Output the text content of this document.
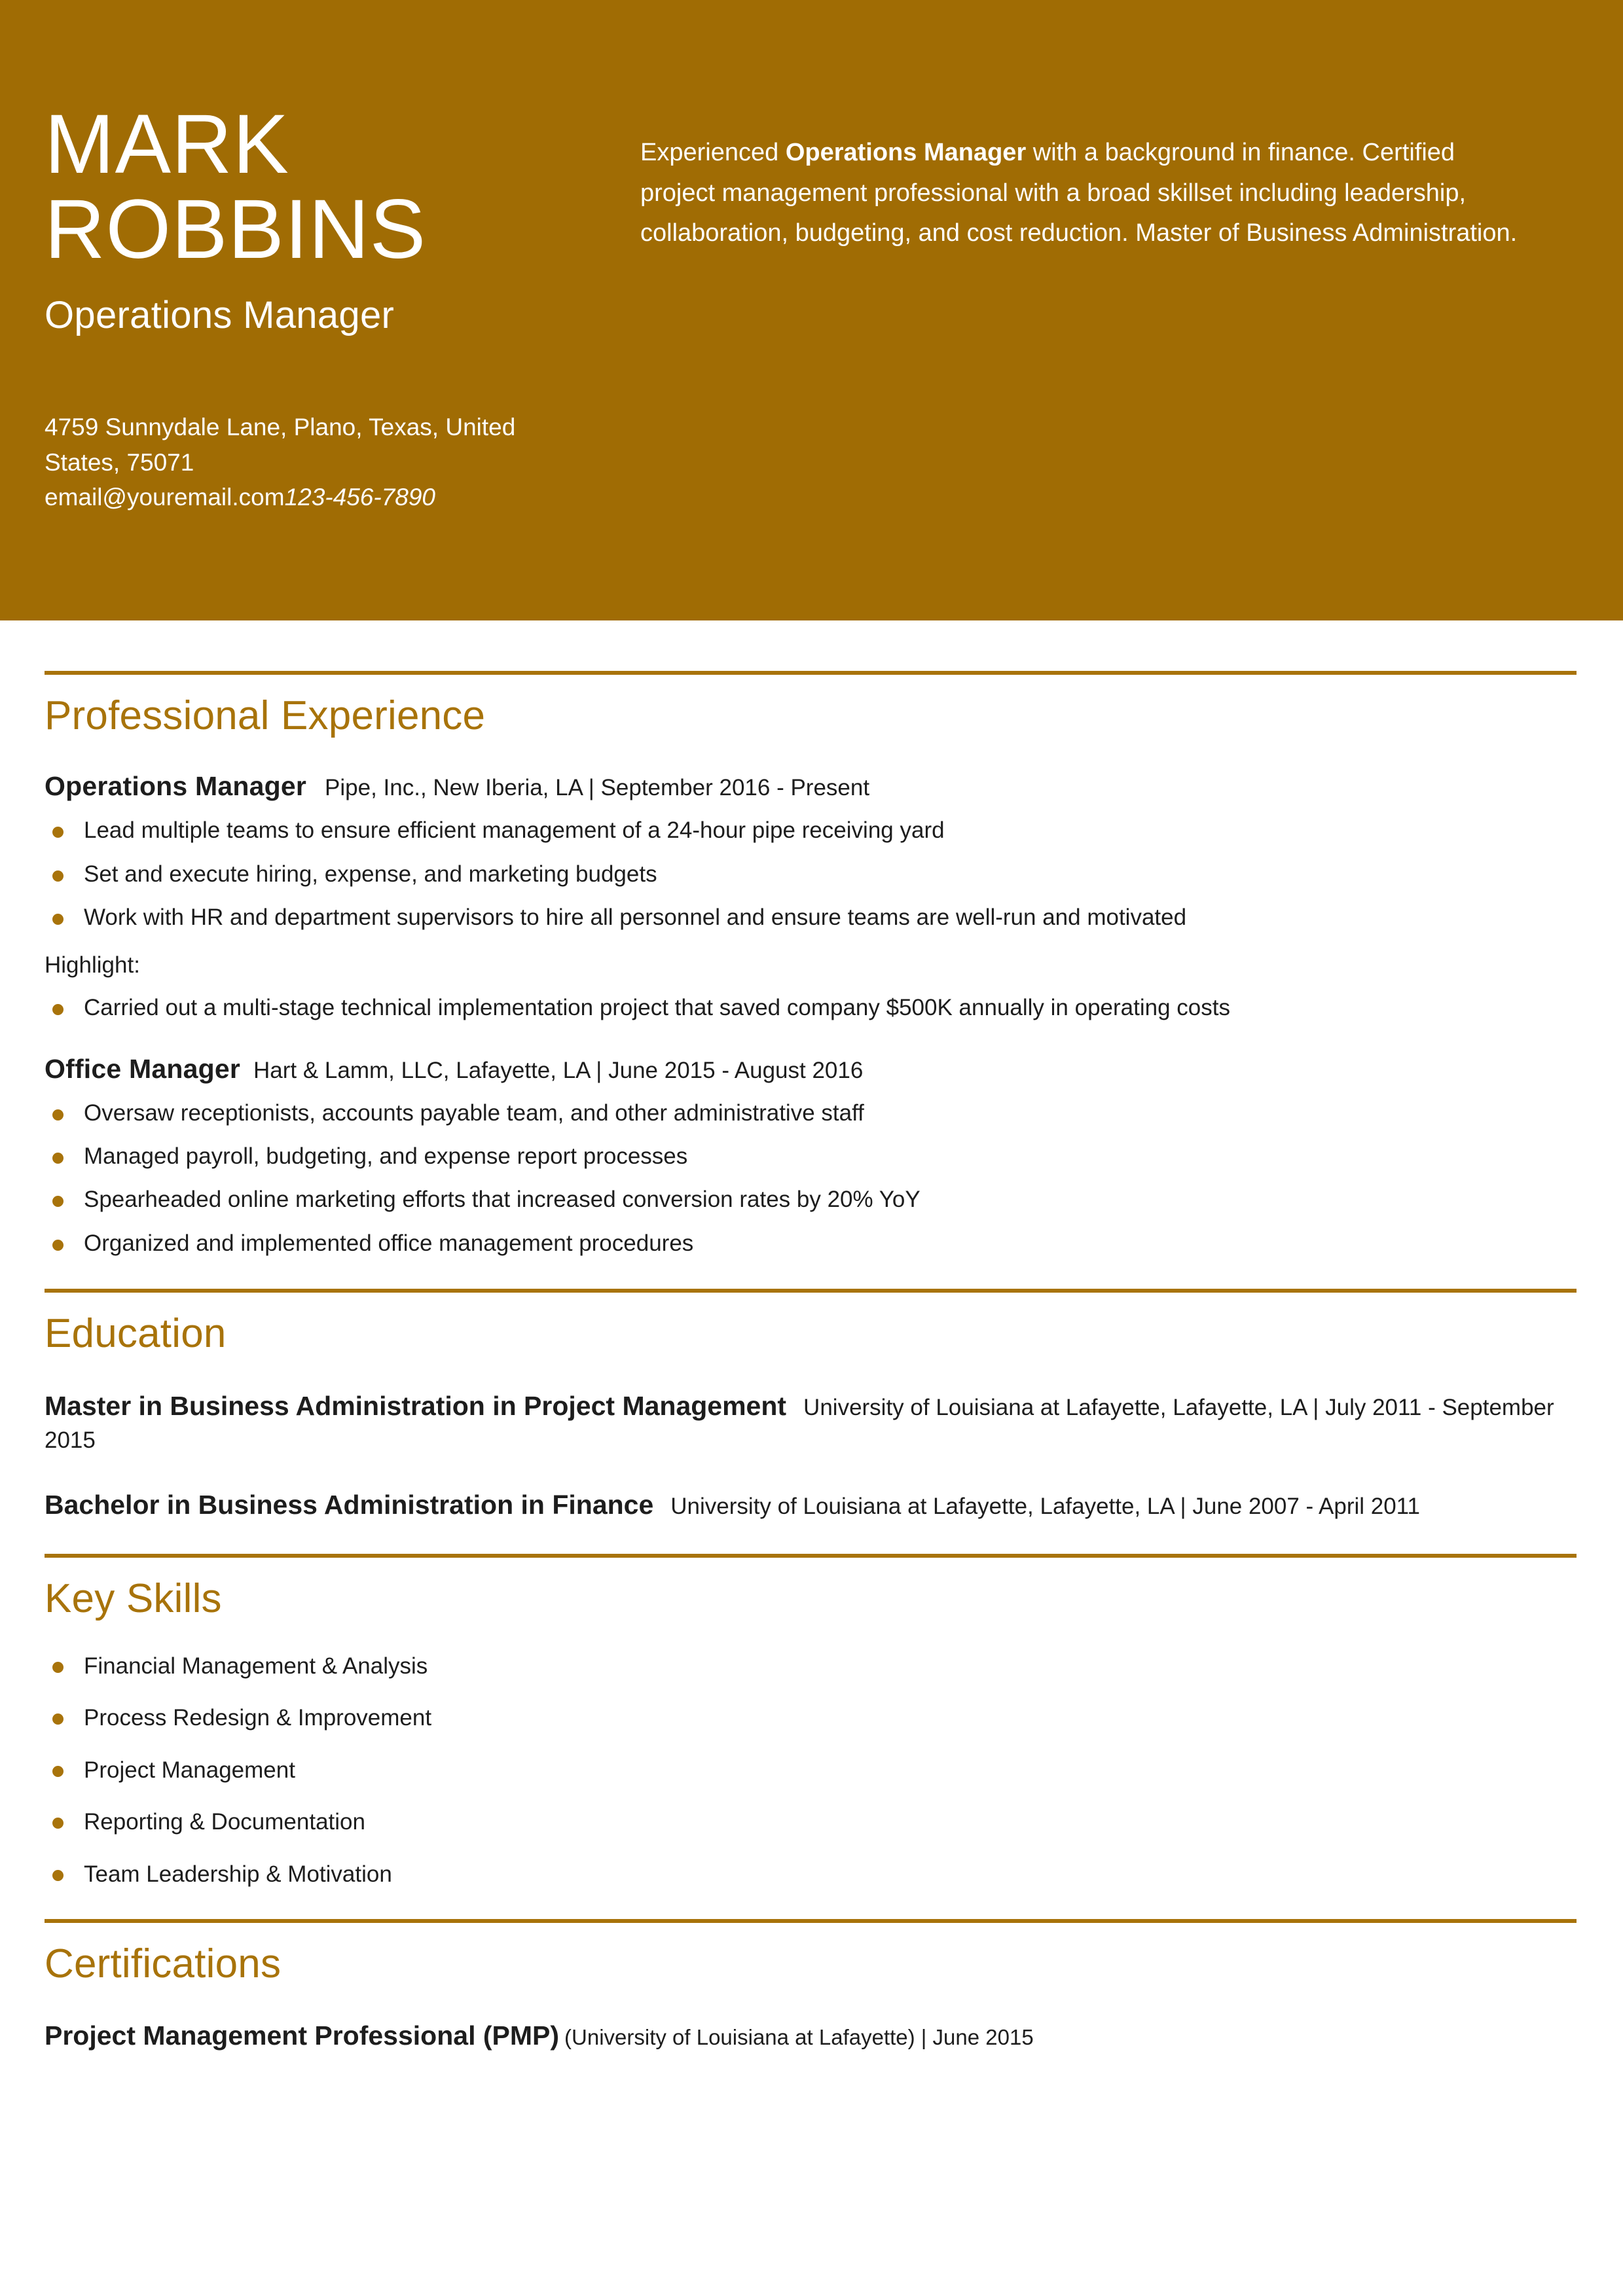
MARK
ROBBINS
Operations Manager
4759 Sunnydale Lane, Plano, Texas, United
States, 75071
email@youremail.com123-456-7890

Experienced Operations Manager with a background in finance. Certified project management professional with a broad skillset including leadership, collaboration, budgeting, and cost reduction. Master of Business Administration.

Professional Experience
Operations Manager Pipe, Inc., New Iberia, LA | September 2016 - Present
Lead multiple teams to ensure efficient management of a 24-hour pipe receiving yard
Set and execute hiring, expense, and marketing budgets
Work with HR and department supervisors to hire all personnel and ensure teams are well-run and motivated
Highlight:
Carried out a multi-stage technical implementation project that saved company $500K annually in operating costs
Office Manager Hart & Lamm, LLC, Lafayette, LA | June 2015 - August 2016
Oversaw receptionists, accounts payable team, and other administrative staff
Managed payroll, budgeting, and expense report processes
Spearheaded online marketing efforts that increased conversion rates by 20% YoY
Organized and implemented office management procedures
Education
Master in Business Administration in Project Management University of Louisiana at Lafayette, Lafayette, LA | July 2011 - September 2015
Bachelor in Business Administration in Finance University of Louisiana at Lafayette, Lafayette, LA | June 2007 - April 2011
Key Skills
Financial Management & Analysis
Process Redesign & Improvement
Project Management
Reporting & Documentation
Team Leadership & Motivation
Certifications
Project Management Professional (PMP) (University of Louisiana at Lafayette) | June 2015
